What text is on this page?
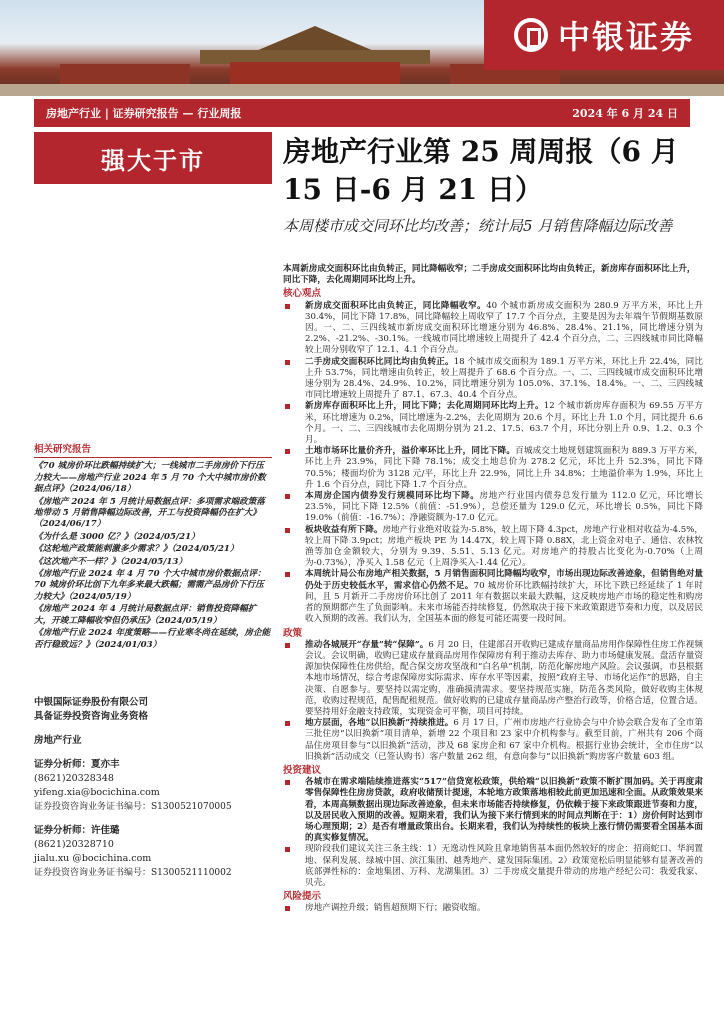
中银证券
房地产行业 | 证券研究报告 — 行业周报	2024 年 6 月 24 日
强大于市	房地产行业第 25 周周报（6 月 15 日-6 月 21 日）
本周楼市成交同环比均改善；统计局5 月销售降幅边际改善

本周新房成交面积环比由负转正，同比降幅收窄；二手房成交面积环比均由负转正，新房库存面积环比上升，同比下降，去化周期同环比均上升。

核心观点

新房成交面积环比由负转正，同比降幅收窄。40 个城市新房成交面积为 280.9 万平方米，环比上升 30.4%，同比下降 17.8%，同比降幅较上周收窄了 17.7 个百分点，主要是因为去年端午节假期基数原因。一、二、三四线城市新房成交面积环比增速分别为 46.8%、28.4%、21.1%，同比增速分别为 2.2%、-21.2%、-30.1%。一线城市同比增速较上周提升了 42.4 个百分点，二、三四线城市同比降幅较上周分别收窄了 12.1、4.1 个百分点。

二手房成交面积环比同比均由负转正。18 个城市成交面积为 189.1 万平方米，环比上升 22.4%，同比上升 53.7%，同比增速由负转正，较上周提升了 68.6 个百分点。一、二、三四线城市成交面积环比增速分别为 28.4%、24.9%、10.2%，同比增速分别为 105.0%、37.1%、18.4%。一、二、三四线城市同比增速较上周提升了 87.1、67.3、40.4 个百分点。

新房库存面积环比上升，同比下降；去化周期同环比均上升。12 个城市新房库存面积为 69.55 万平方米，环比增速为 0.2%，同比增速为-2.2%，去化周期为 20.6 个月，环比上升 1.0 个月，同比提升 6.6 个月。一、二、三四线城市去化周期分别为 21.2、17.5、63.7 个月，环比分别上升 0.9、1.2、0.3 个月。

土地市场环比量价齐升，溢价率环比上升，同比下降。百城成交土地规划建筑面积为 889.3 万平方米，环比上升 23.9%，同比下降 78.1%；成交土地总价为 278.2 亿元，环比上升 52.3%，同比下降 70.5%；楼面均价为 3128 元/平，环比上升 22.9%，同比上升 34.8%；土地溢价率为 1.9%，环比上升 1.6 个百分点，同比下降 1.7 个百分点。

本周房企国内债券发行规模同环比均下降。房地产行业国内债券总发行量为 112.0 亿元，环比增长 23.5%，同比下降 12.5%（前值：-51.9%），总偿还量为 129.0 亿元，环比增长 0.5%，同比下降 19.0%（前值：-16.7%）；净融资额为-17.0 亿元。

板块收益有所下降。房地产行业绝对收益为-5.8%，较上周下降 4.3pct，房地产行业相对收益为-4.5%，较上周下降 3.9pct；房地产板块 PE 为 14.47X，较上周下降 0.88X，北上资金对电子、通信、农林牧渔等加仓金额较大，分别为 9.39、5.51、5.13 亿元。对房地产的持股占比变化为-0.70%（上周为-0.73%），净买入 1.58 亿元（上周净买入-1.44 亿元）。

本周统计局公布房地产相关数据，5 月销售面积同比降幅均收窄，市场出现边际改善迹象，但销售绝对量仍处于历史较低水平，需求信心仍然不足。70 城房价环比跌幅持续扩大，环比下跌已经延续了 1 年时间，且 5 月新开二手房房价环比创了 2011 年有数据以来最大跌幅，这反映房地产市场的稳定性和购房者的预期都产生了负面影响。未来市场能否持续修复，仍然取决于接下来政策跟进节奏和力度，以及居民收入预期的改善。我们认为，全国基本面的修复可能还需要一段时间。

政策

推动各城展开“存量”转“保障”。6 月 20 日，住建部召开收购已建成存量商品房用作保障性住房工作视频会议。会议明确，收购已建成存量商品房用作保障房有利于推动去库存、助力市场健康发展。盘活存量资源加快保障性住房供给，配合保交房攻坚战和“白名单”机制，防范化解房地产风险。会议强调，市县根据本地市场情况，综合考虑保障房实际需求、库存水平等因素，按照“政府主导、市场化运作”的思路，自主决策、自愿参与。要坚持以需定购，准确摸清需求。要坚持规范实施，防范各类风险，做好收购主体规范，收购过程规范，配售配租规范。做好收购的已建成存量商品房产整治行政等，价格合适，位置合适。要坚持用好金融支持政策，实现资金可平衡，项目可持续。

地方层面，各地“以旧换新”持续推进。6 月 17 日，广州市房地产行业协会与中介协会联合发布了全市第三批住房“以旧换新”项目清单，新增 22 个项目和 23 家中介机构参与。截至目前，广州共有 206 个商品住房项目参与“以旧换新”活动，涉及 68 家房企和 67 家中介机构。根据行业协会统计，全市住房“以旧换新”活动成交（已签认购书）客户数量 262 组，有意向参与“以旧换新”购房客户数量 603 组。

投资建议

各城市在需求端陆续推进落实“517”信贷宽松政策，供给端“以旧换新”政策不断扩围加码。关于再度肃零售保障性住房房贷款，政府收储预计提速，本轮地方政策落地相较此前更加迅速和全面。从政策效果来看，本周高频数据出现边际改善迹象，但未来市场能否持续修复，仍依赖于接下来政策跟进节奏和力度，以及居民收入预期的改善。短期来看，我们认为接下来行情到来的时间点判断在于：1）房价何时达到市场心理预期；2）是否有增量政策出台。长期来看，我们认为持续性的板块上涨行情仍需要看全国基本面的真实修复情况。

现阶段我们建议关注三条主线：1）无逸动性风险且拿地销售基本面仍然较好的房企：招商蛇口、华润置地、保利发展、绿城中国、滨江集团、越秀地产、建发国际集团。2）政策宽松后明显能够有显著改善的底部弹性标的：金地集团、万科、龙湖集团。3）二手房成交量提升带动的房地产经纪公司：我爱我家、贝壳。

风险提示

房地产调控升级；销售超预期下行；融资收缩。

相关研究报告

《70 城房价环比跌幅持续扩大；一线城市二手房房价下行压力较大——房地产行业 2024 年 5 月 70 个大中城市房价数据点评》（2024/06/18）

《房地产 2024 年 5 月统计局数据点评：多项需求端政策落地带动 5 月销售降幅边际改善，开工与投资降幅仍在扩大》（2024/06/17）

《为什么是 3000 亿？》（2024/05/21）

《这轮地产政策能刺激多少需求？》（2024/05/21）

《这次地产不一样？》（2024/05/13）

《房地产行业 2024 年 4 月 70 个大中城市房价数据点评：70 城房价环比创下九年多来最大跌幅；需需产品房价下行压力较大》（2024/05/19）

《房地产 2024 年 4 月统计局数据点评：销售投资降幅扩大，开竣工降幅收窄但仍承压》（2024/05/19）

《房地产行业 2024 年度策略——行业寒冬尚在延续，房企能否行稳致远？》（2024/01/03）

中银国际证券股份有限公司
具备证券投资咨询业务资格
房地产行业
证券分析师：夏亦丰
(8621)20328348
yifeng.xia@bocichina.com
证券投资咨询业务证书编号：S1300521070005
证券分析师：许佳璐
(8621)20328710
jialu.xu @bocichina.com
证券投资咨询业务证书编号：S1300521110002
